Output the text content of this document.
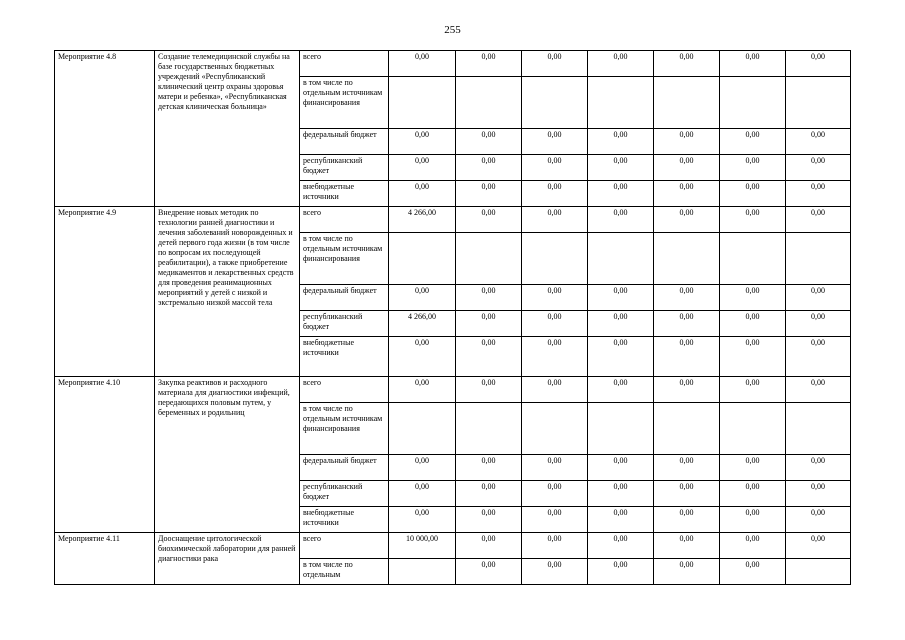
255
Мероприятие 4.8	Создание телемедицинской службы на базе государственных бюджетных учреждений «Республиканский клинический центр охраны здоровья матери и ребенка», «Республиканская детская клиническая больница»	всего	0,00	0,00	0,00	0,00	0,00	0,00	0,00
		в том числе по отдельным источникам финансирования							
		федеральный бюджет	0,00	0,00	0,00	0,00	0,00	0,00	0,00
		республиканский бюджет	0,00	0,00	0,00	0,00	0,00	0,00	0,00
		внебюджетные источники	0,00	0,00	0,00	0,00	0,00	0,00	0,00
Мероприятие 4.9	Внедрение новых методик по технологии ранней диагностики и лечения заболеваний новорожденных и детей первого года жизни (в том числе по вопросам их последующей реабилитации), а также приобретение медикаментов и лекарственных средств для проведения реанимационных мероприятий у детей с низкой и экстремально низкой массой тела	всего	4 266,00	0,00	0,00	0,00	0,00	0,00	0,00
		в том числе по отдельным источникам финансирования							
		федеральный бюджет	0,00	0,00	0,00	0,00	0,00	0,00	0,00
		республиканский бюджет	4 266,00	0,00	0,00	0,00	0,00	0,00	0,00
		внебюджетные источники	0,00	0,00	0,00	0,00	0,00	0,00	0,00
Мероприятие 4.10	Закупка реактивов и расходного материала для диагностики инфекций, передающихся половым путем, у беременных и родильниц	всего	0,00	0,00	0,00	0,00	0,00	0,00	0,00
		в том числе по отдельным источникам финансирования							
		федеральный бюджет	0,00	0,00	0,00	0,00	0,00	0,00	0,00
		республиканский бюджет	0,00	0,00	0,00	0,00	0,00	0,00	0,00
		внебюджетные источники	0,00	0,00	0,00	0,00	0,00	0,00	0,00
Мероприятие 4.11	Дооснащение цитологической биохимической лаборатории для ранней диагностики рака	всего	10 000,00	0,00	0,00	0,00	0,00	0,00	0,00
		в том числе по отдельным		0,00	0,00	0,00	0,00	0,00	
